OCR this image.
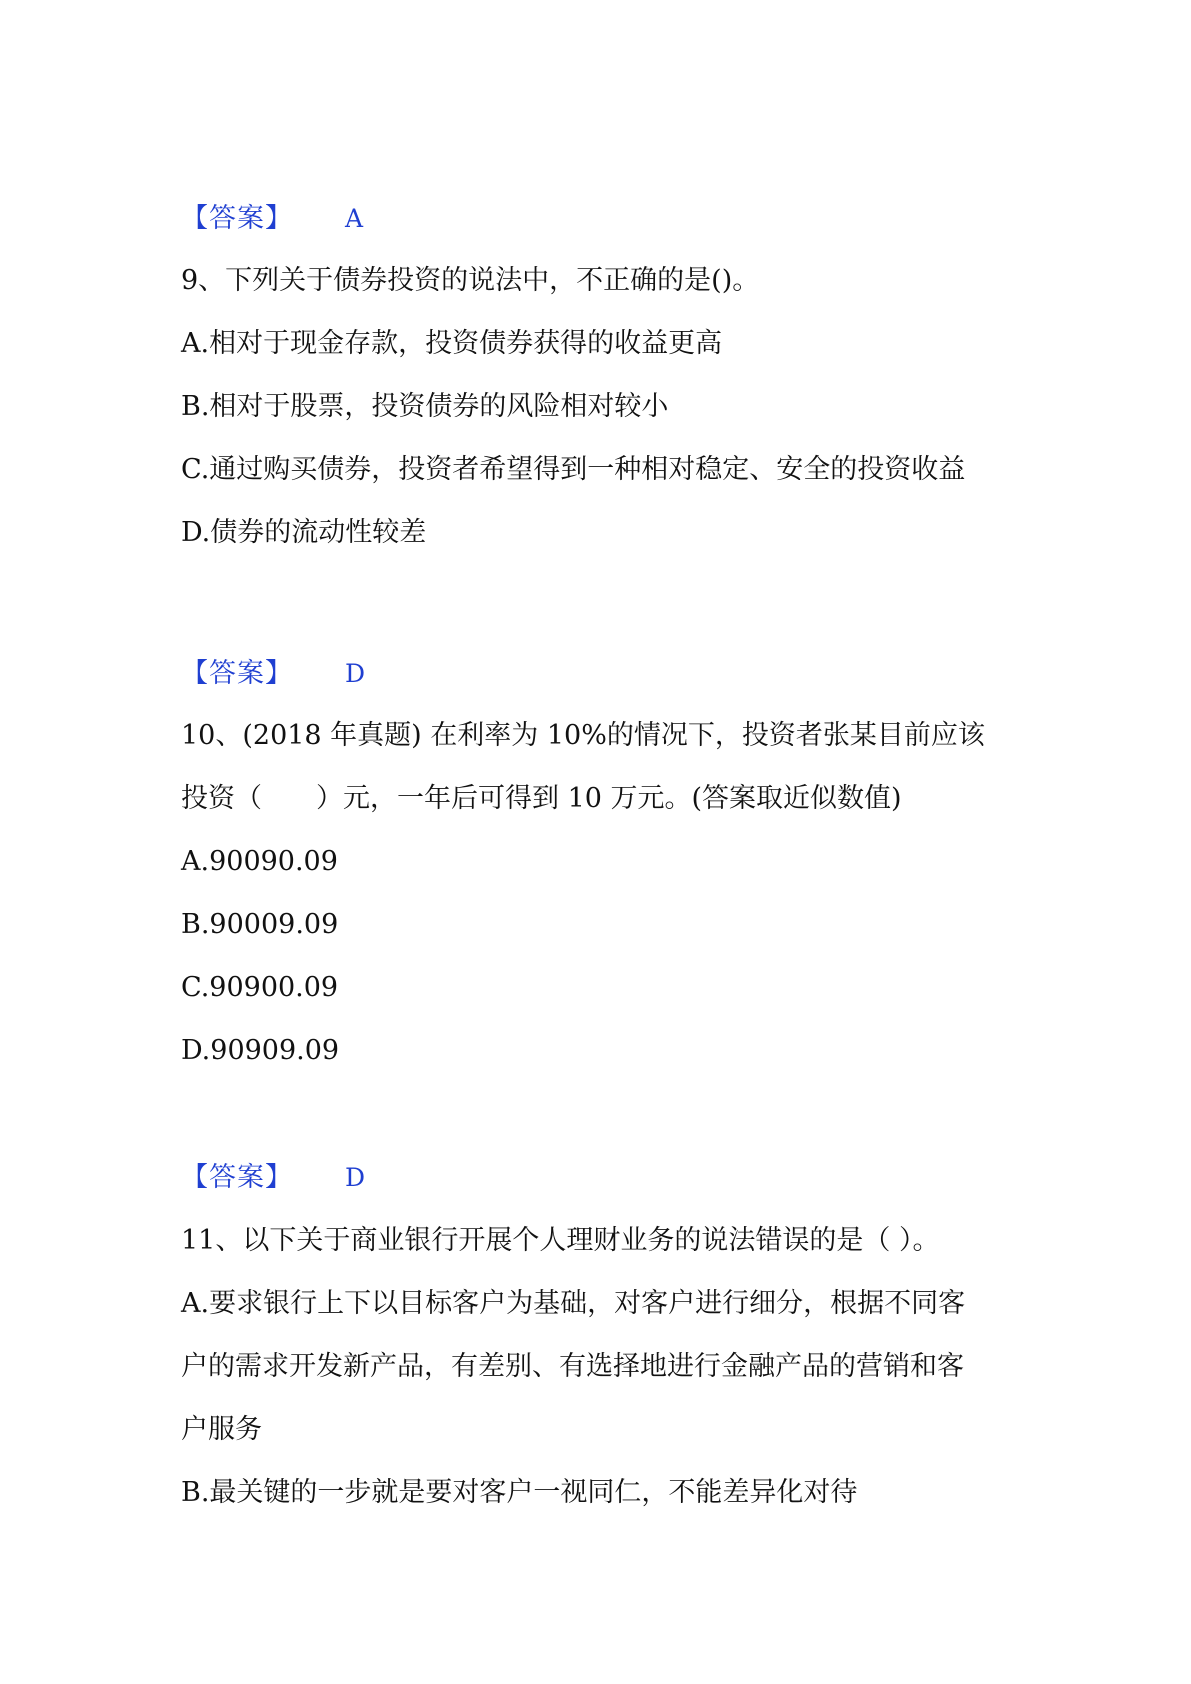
【答案】 A
9、下列关于债券投资的说法中，不正确的是()。
A.相对于现金存款，投资债券获得的收益更高
B.相对于股票，投资债券的风险相对较小
C.通过购买债券，投资者希望得到一种相对稳定、安全的投资收益
D.债券的流动性较差
【答案】 D
10、(2018 年真题) 在利率为 10%的情况下，投资者张某目前应该
投资（　　）元，一年后可得到 10 万元。(答案取近似数值)
A.90090.09
B.90009.09
C.90900.09
D.90909.09
【答案】 D
11、以下关于商业银行开展个人理财业务的说法错误的是（ ）。
A.要求银行上下以目标客户为基础，对客户进行细分，根据不同客
户的需求开发新产品，有差别、有选择地进行金融产品的营销和客
户服务
B.最关键的一步就是要对客户一视同仁，不能差异化对待
